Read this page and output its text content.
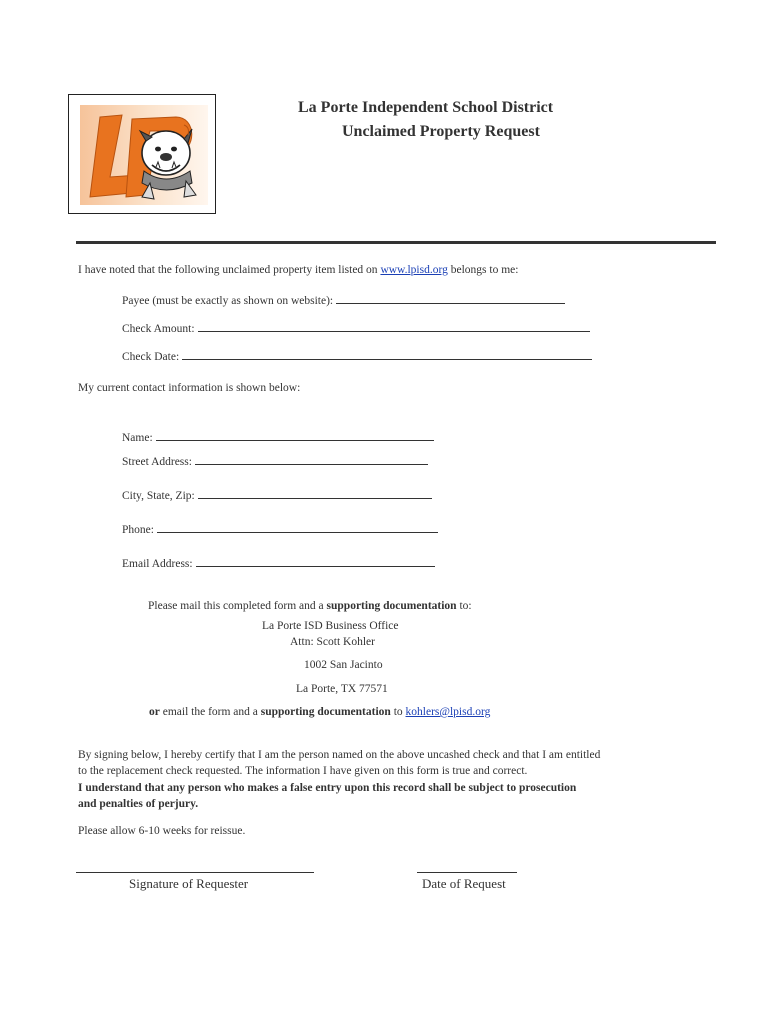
La Porte Independent School District
Unclaimed Property Request
I have noted that the following unclaimed property item listed on www.lpisd.org belongs to me:
Payee (must be exactly as shown on website):
Check Amount:
Check Date:
My current contact information is shown below:
Name:
Street Address:
City, State, Zip:
Phone:
Email Address:
Please mail this completed form and a supporting documentation to:
La Porte ISD Business Office
Attn: Scott Kohler
1002 San Jacinto
La Porte, TX 77571
or email the form and a supporting documentation to kohlers@lpisd.org
By signing below, I hereby certify that I am the person named on the above uncashed check and that I am entitled
to the replacement check requested. The information I have given on this form is true and correct.
I understand that any person who makes a false entry upon this record shall be subject to prosecution
and penalties of perjury.
Please allow 6-10 weeks for reissue.
Signature of Requester	Date of Request
